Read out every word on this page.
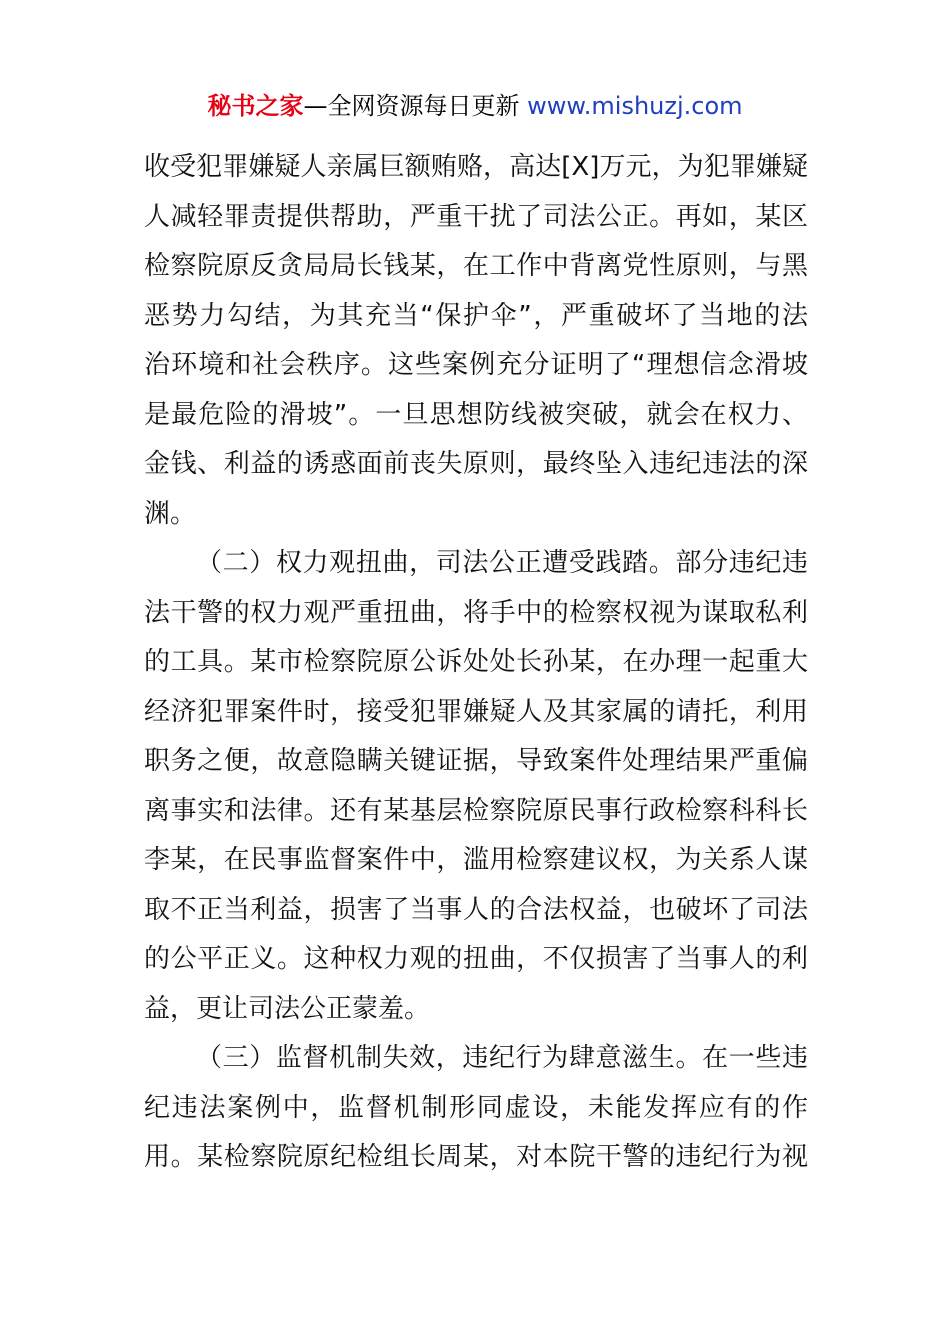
秘书之家—全网资源每日更新 www.mishuzj.com
收受犯罪嫌疑人亲属巨额贿赂，高达[X]万元，为犯罪嫌疑
人减轻罪责提供帮助，严重干扰了司法公正。再如，某区
检察院原反贪局局长钱某，在工作中背离党性原则，与黑
恶势力勾结，为其充当“保护伞”，严重破坏了当地的法
治环境和社会秩序。这些案例充分证明了“理想信念滑坡
是最危险的滑坡”。一旦思想防线被突破，就会在权力、
金钱、利益的诱惑面前丧失原则，最终坠入违纪违法的深
渊。
（二）权力观扭曲，司法公正遭受践踏。部分违纪违
法干警的权力观严重扭曲，将手中的检察权视为谋取私利
的工具。某市检察院原公诉处处长孙某，在办理一起重大
经济犯罪案件时，接受犯罪嫌疑人及其家属的请托，利用
职务之便，故意隐瞒关键证据，导致案件处理结果严重偏
离事实和法律。还有某基层检察院原民事行政检察科科长
李某，在民事监督案件中，滥用检察建议权，为关系人谋
取不正当利益，损害了当事人的合法权益，也破坏了司法
的公平正义。这种权力观的扭曲，不仅损害了当事人的利
益，更让司法公正蒙羞。
（三）监督机制失效，违纪行为肆意滋生。在一些违
纪违法案例中，监督机制形同虚设，未能发挥应有的作
用。某检察院原纪检组长周某，对本院干警的违纪行为视
